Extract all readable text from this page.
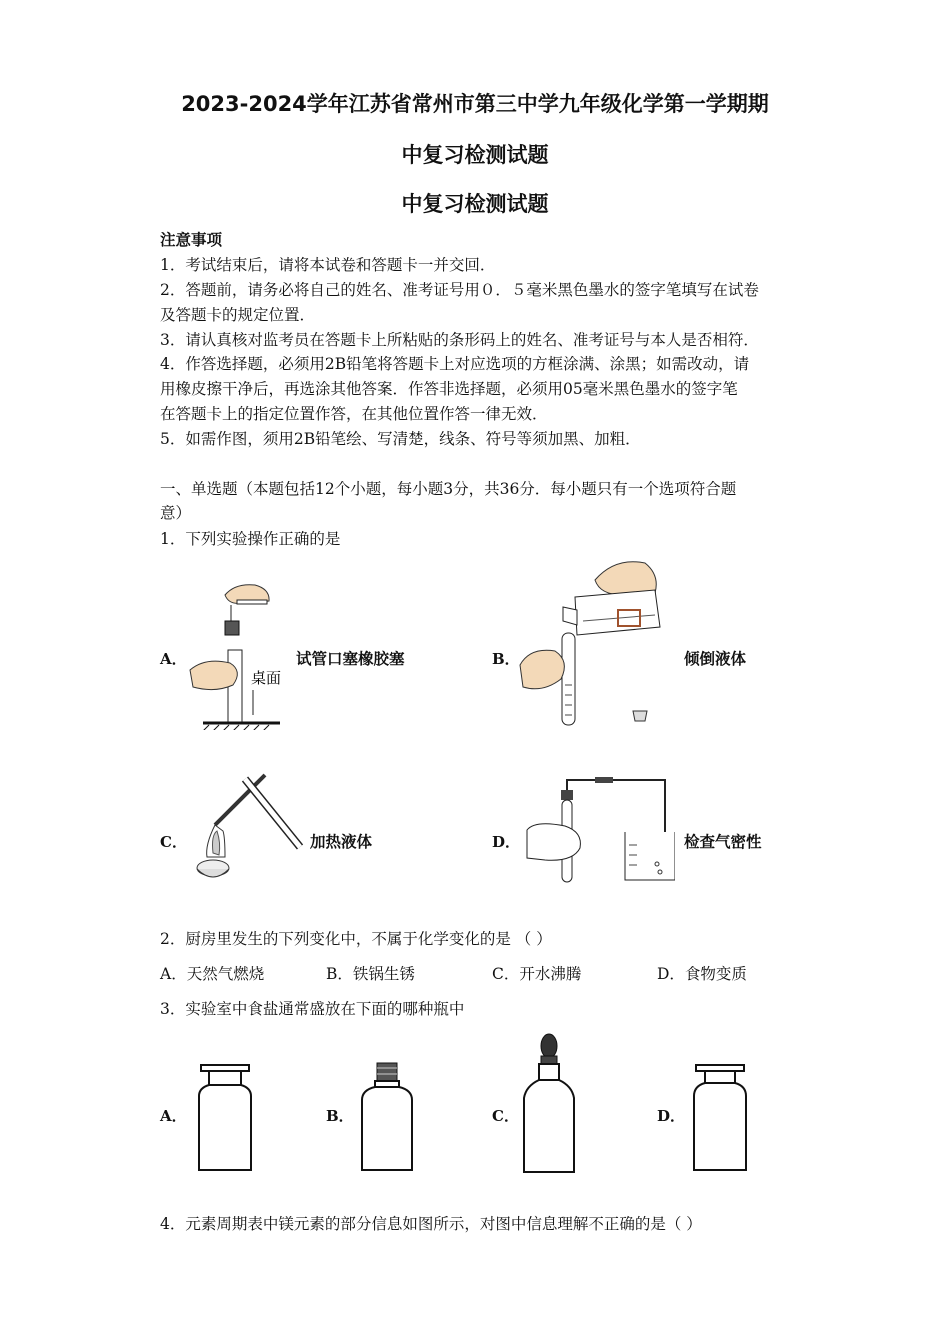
2023-2024学年江苏省常州市第三中学九年级化学第一学期期
中复习检测试题
中复习检测试题
注意事项
1．考试结束后，请将本试卷和答题卡一并交回．
2．答题前，请务必将自己的姓名、准考证号用０．５毫米黑色墨水的签字笔填写在试卷
及答题卡的规定位置．
3．请认真核对监考员在答题卡上所粘贴的条形码上的姓名、准考证号与本人是否相符．
4．作答选择题，必须用2B铅笔将答题卡上对应选项的方框涂满、涂黑；如需改动，请
用橡皮擦干净后，再选涂其他答案．作答非选择题，必须用05毫米黑色墨水的签字笔
在答题卡上的指定位置作答，在其他位置作答一律无效．
5．如需作图，须用2B铅笔绘、写清楚，线条、符号等须加黑、加粗．
一、单选题（本题包括12个小题，每小题3分，共36分．每小题只有一个选项符合题
意）
1．下列实验操作正确的是
A．	试管口塞橡胶塞
桌面
B．	倾倒液体
C．	加热液体	D．	检查气密性
2．厨房里发生的下列变化中，不属于化学变化的是 （ ）
A．天然气燃烧	B．铁锅生锈	C．开水沸腾	D．食物变质
3．实验室中食盐通常盛放在下面的哪种瓶中
A．	B．	C．	D．
4．元素周期表中镁元素的部分信息如图所示，对图中信息理解不正确的是（ ）
